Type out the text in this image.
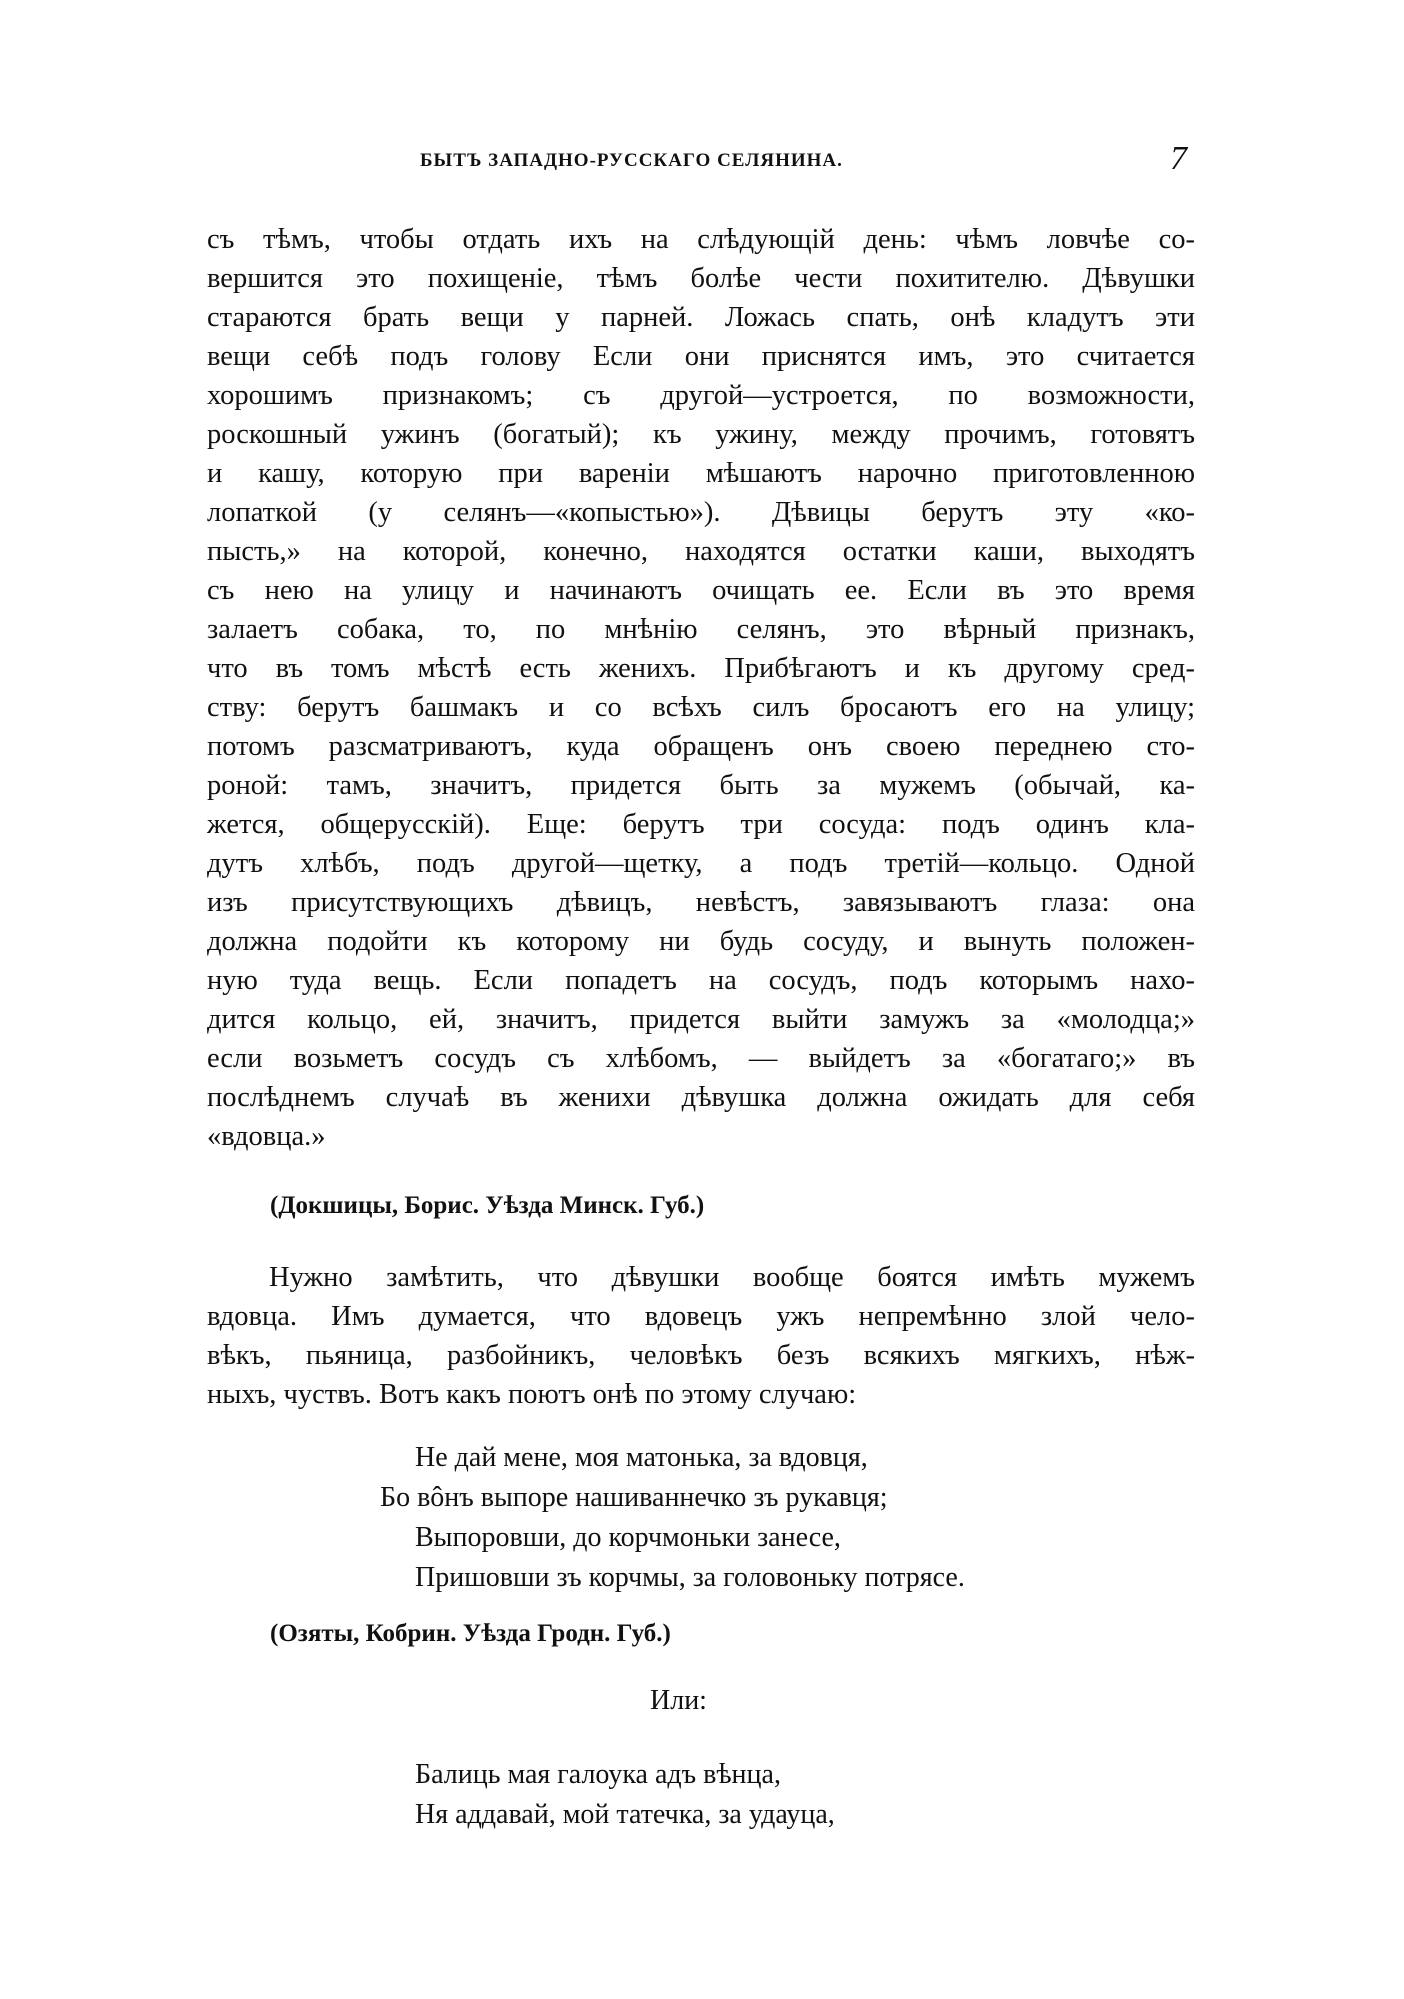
БЫТЪ ЗАПАДНО-РУССКАГО СЕЛЯНИНА.	7
съ тѣмъ, чтобы отдать ихъ на слѣдующій день: чѣмъ ловчѣе со-
вершится это похищеніе, тѣмъ болѣе чести похитителю. Дѣвушки
стараются брать вещи у парней. Ложась спать, онѣ кладутъ эти
вещи себѣ подъ голову Если они приснятся имъ, это считается
хорошимъ признакомъ; съ другой—устроется, по возможности,
роскошный ужинъ (богатый); къ ужину, между прочимъ, готовятъ
и кашу, которую при вареніи мѣшаютъ нарочно приготовленною
лопаткой (у селянъ—«копыстью»). Дѣвицы берутъ эту «ко-
пысть,» на которой, конечно, находятся остатки каши, выходятъ
съ нею на улицу и начинаютъ очищать ее. Если въ это время
залаетъ собака, то, по мнѣнію селянъ, это вѣрный признакъ,
что въ томъ мѣстѣ есть женихъ. Прибѣгаютъ и къ другому сред-
ству: берутъ башмакъ и со всѣхъ силъ бросаютъ его на улицу;
потомъ разсматриваютъ, куда обращенъ онъ своею переднею сто-
роной: тамъ, значитъ, придется быть за мужемъ (обычай, ка-
жется, общерусскій). Еще: берутъ три сосуда: подъ одинъ кла-
дутъ хлѣбъ, подъ другой—щетку, а подъ третій—кольцо. Одной
изъ присутствующихъ дѣвицъ, невѣстъ, завязываютъ глаза: она
должна подойти къ которому ни будь сосуду, и вынуть положен-
ную туда вещь. Если попадетъ на сосудъ, подъ которымъ нахо-
дится кольцо, ей, значитъ, придется выйти замужъ за «молодца;»
если возьметъ сосудъ съ хлѣбомъ, — выйдетъ за «богатаго;» въ
послѣднемъ случаѣ въ женихи дѣвушка должна ожидать для себя
«вдовца.»
(Докшицы, Борис. Уѣзда Минск. Губ.)
Нужно замѣтить, что дѣвушки вообще боятся имѣть мужемъ
вдовца. Имъ думается, что вдовецъ ужъ непремѣнно злой чело-
вѣкъ, пьяница, разбойникъ, человѣкъ безъ всякихъ мягкихъ, нѣж-
ныхъ, чуствъ. Вотъ какъ поютъ онѣ по этому случаю:
Не дай мене, моя матонька, за вдовця,
Бо вôнъ выпоре нашиваннечко зъ рукавця;
Выпоровши, до корчмоньки занесе,
Пришовши зъ корчмы, за головоньку потрясе.
(Озяты, Кобрин. Уѣзда Гродн. Губ.)
Или:
Балиць мая галоука адъ вѣнца,
Ня аддавай, мой татечка, за удауца,
